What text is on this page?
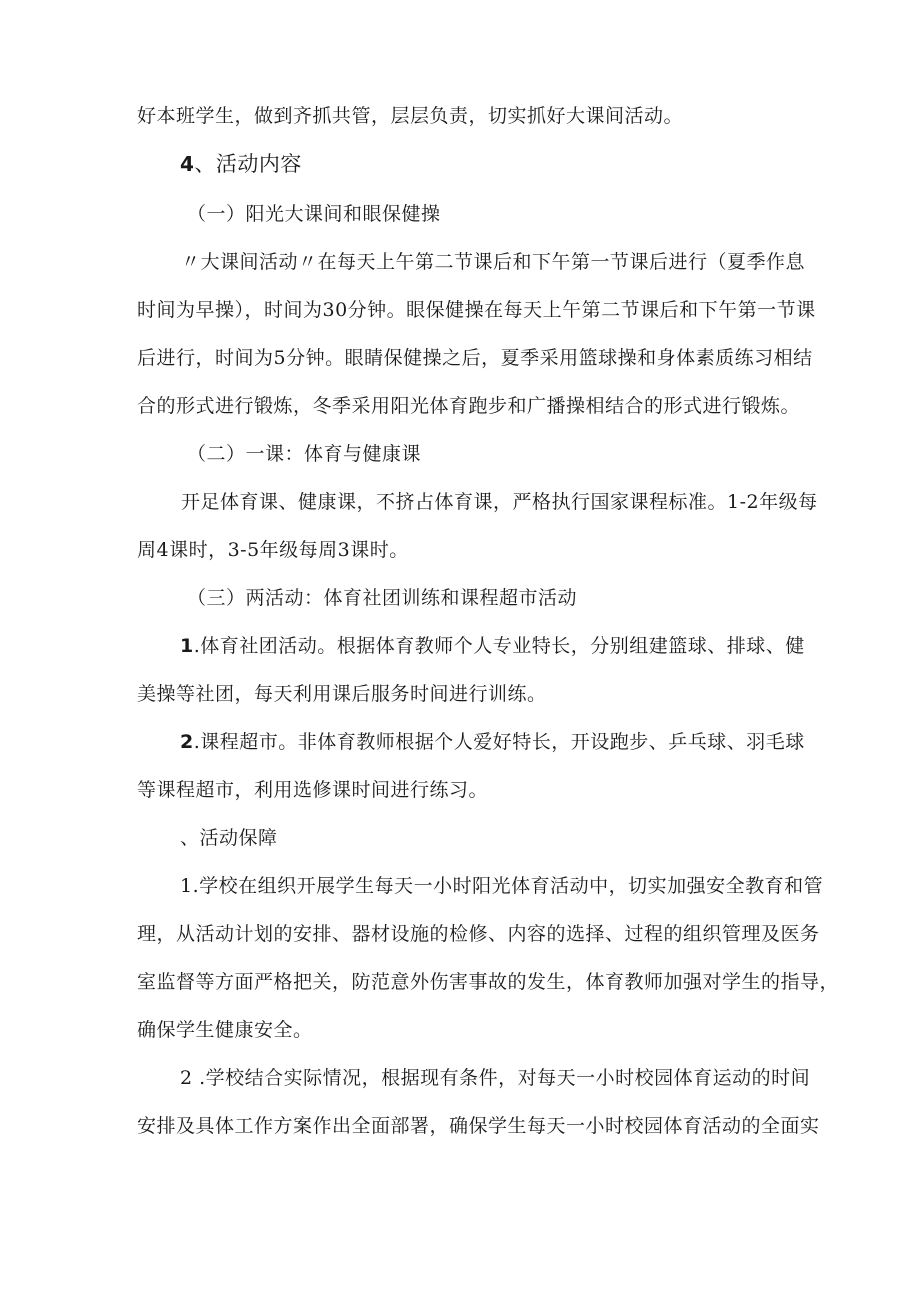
好本班学生，做到齐抓共管，层层负责，切实抓好大课间活动。

4、活动内容

（一）阳光大课间和眼保健操

〃大课间活动〃在每天上午第二节课后和下午第一节课后进行（夏季作息

时间为早操），时间为30分钟。眼保健操在每天上午第二节课后和下午第一节课

后进行，时间为5分钟。眼睛保健操之后，夏季采用篮球操和身体素质练习相结

合的形式进行锻炼，冬季采用阳光体育跑步和广播操相结合的形式进行锻炼。

（二）一课：体育与健康课

开足体育课、健康课，不挤占体育课，严格执行国家课程标准。1-2年级每

周4课时，3-5年级每周3课时。

（三）两活动：体育社团训练和课程超市活动

1.体育社团活动。根据体育教师个人专业特长，分别组建篮球、排球、健

美操等社团，每天利用课后服务时间进行训练。

2.课程超市。非体育教师根据个人爱好特长，开设跑步、乒乓球、羽毛球

等课程超市，利用选修课时间进行练习。

、活动保障

1.学校在组织开展学生每天一小时阳光体育活动中，切实加强安全教育和管

理，从活动计划的安排、器材设施的检修、内容的选择、过程的组织管理及医务

室监督等方面严格把关，防范意外伤害事故的发生，体育教师加强对学生的指导，

确保学生健康安全。

2 .学校结合实际情况，根据现有条件，对每天一小时校园体育运动的时间

安排及具体工作方案作出全面部署，确保学生每天一小时校园体育活动的全面实
